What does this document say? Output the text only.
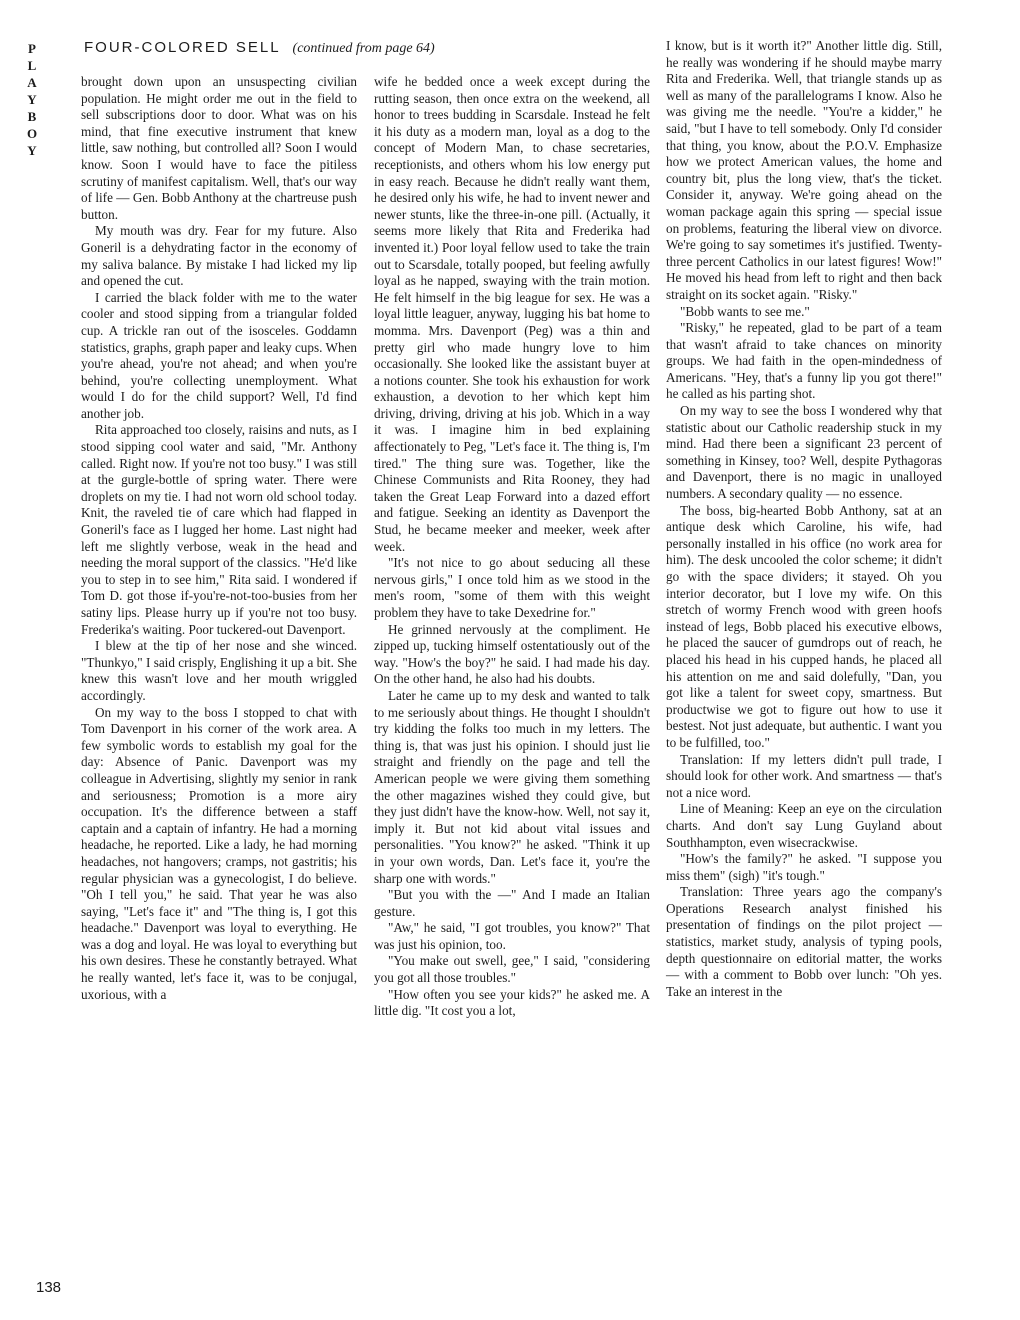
P
L
A
Y
B
O
Y
FOUR-COLORED SELL (continued from page 64)

brought down upon an unsuspecting civilian population. He might order me out in the field to sell subscriptions door to door. What was on his mind, that fine executive instrument that knew little, saw nothing, but controlled all? Soon I would know. Soon I would have to face the pitiless scrutiny of manifest capitalism. Well, that's our way of life — Gen. Bobb Anthony at the chartreuse push button.

My mouth was dry. Fear for my future. Also Goneril is a dehydrating factor in the economy of my saliva balance. By mistake I had licked my lip and opened the cut.

I carried the black folder with me to the water cooler and stood sipping from a triangular folded cup. A trickle ran out of the isosceles. Goddamn statistics, graphs, graph paper and leaky cups. When you're ahead, you're not ahead; and when you're behind, you're collecting unemployment. What would I do for the child support? Well, I'd find another job.

Rita approached too closely, raisins and nuts, as I stood sipping cool water and said, "Mr. Anthony called. Right now. If you're not too busy." I was still at the gurgle-bottle of spring water. There were droplets on my tie. I had not worn old school today. Knit, the raveled tie of care which had flapped in Goneril's face as I lugged her home. Last night had left me slightly verbose, weak in the head and needing the moral support of the classics. "He'd like you to step in to see him," Rita said. I wondered if Tom D. got those if-you're-not-too-busies from her satiny lips. Please hurry up if you're not too busy. Frederika's waiting. Poor tuckered-out Davenport.

I blew at the tip of her nose and she winced. "Thunkyo," I said crisply, Englishing it up a bit. She knew this wasn't love and her mouth wriggled accordingly.

On my way to the boss I stopped to chat with Tom Davenport in his corner of the work area. A few symbolic words to establish my goal for the day: Absence of Panic. Davenport was my colleague in Advertising, slightly my senior in rank and seriousness; Promotion is a more airy occupation. It's the difference between a staff captain and a captain of infantry. He had a morning headache, he reported. Like a lady, he had morning headaches, not hangovers; cramps, not gastritis; his regular physician was a gynecologist, I do believe. "Oh I tell you," he said. That year he was also saying, "Let's face it" and "The thing is, I got this headache." Davenport was loyal to everything. He was a dog and loyal. He was loyal to everything but his own desires. These he constantly betrayed. What he really wanted, let's face it, was to be conjugal, uxorious, with a

wife he bedded once a week except during the rutting season, then once extra on the weekend, all honor to trees budding in Scarsdale. Instead he felt it his duty as a modern man, loyal as a dog to the concept of Modern Man, to chase secretaries, receptionists, and others whom his low energy put in easy reach. Because he didn't really want them, he desired only his wife, he had to invent newer and newer stunts, like the three-in-one pill. (Actually, it seems more likely that Rita and Frederika had invented it.) Poor loyal fellow used to take the train out to Scarsdale, totally pooped, but feeling awfully loyal as he napped, swaying with the train motion. He felt himself in the big league for sex. He was a loyal little leaguer, anyway, lugging his bat home to momma. Mrs. Davenport (Peg) was a thin and pretty girl who made hungry love to him occasionally. She looked like the assistant buyer at a notions counter. She took his exhaustion for work exhaustion, a devotion to her which kept him driving, driving, driving at his job. Which in a way it was. I imagine him in bed explaining affectionately to Peg, "Let's face it. The thing is, I'm tired." The thing sure was. Together, like the Chinese Communists and Rita Rooney, they had taken the Great Leap Forward into a dazed effort and fatigue. Seeking an identity as Davenport the Stud, he became meeker and meeker, week after week.

"It's not nice to go about seducing all these nervous girls," I once told him as we stood in the men's room, "some of them with this weight problem they have to take Dexedrine for."

He grinned nervously at the compliment. He zipped up, tucking himself ostentatiously out of the way. "How's the boy?" he said. I had made his day. On the other hand, he also had his doubts.

Later he came up to my desk and wanted to talk to me seriously about things. He thought I shouldn't try kidding the folks too much in my letters. The thing is, that was just his opinion. I should just lie straight and friendly on the page and tell the American people we were giving them something the other magazines wished they could give, but they just didn't have the know-how. Well, not say it, imply it. But not kid about vital issues and personalities. "You know?" he asked. "Think it up in your own words, Dan. Let's face it, you're the sharp one with words."

"But you with the —" And I made an Italian gesture.

"Aw," he said, "I got troubles, you know?" That was just his opinion, too.

"You make out swell, gee," I said, "considering you got all those troubles."

"How often you see your kids?" he asked me. A little dig. "It cost you a lot,

I know, but is it worth it?" Another little dig. Still, he really was wondering if he should maybe marry Rita and Frederika. Well, that triangle stands up as well as many of the parallelograms I know. Also he was giving me the needle. "You're a kidder," he said, "but I have to tell somebody. Only I'd consider that thing, you know, about the P.O.V. Emphasize how we protect American values, the home and country bit, plus the long view, that's the ticket. Consider it, anyway. We're going ahead on the woman package again this spring — special issue on problems, featuring the liberal view on divorce. We're going to say sometimes it's justified. Twenty-three percent Catholics in our latest figures! Wow!" He moved his head from left to right and then back straight on its socket again. "Risky."

"Bobb wants to see me."

"Risky," he repeated, glad to be part of a team that wasn't afraid to take chances on minority groups. We had faith in the open-mindedness of Americans. "Hey, that's a funny lip you got there!" he called as his parting shot.

On my way to see the boss I wondered why that statistic about our Catholic readership stuck in my mind. Had there been a significant 23 percent of something in Kinsey, too? Well, despite Pythagoras and Davenport, there is no magic in unalloyed numbers. A secondary quality — no essence.

The boss, big-hearted Bobb Anthony, sat at an antique desk which Caroline, his wife, had personally installed in his office (no work area for him). The desk uncooled the color scheme; it didn't go with the space dividers; it stayed. Oh you interior decorator, but I love my wife. On this stretch of wormy French wood with green hoofs instead of legs, Bobb placed his executive elbows, he placed the saucer of gumdrops out of reach, he placed his head in his cupped hands, he placed all his attention on me and said dolefully, "Dan, you got like a talent for sweet copy, smartness. But productwise we got to figure out how to use it bestest. Not just adequate, but authentic. I want you to be fulfilled, too."

Translation: If my letters didn't pull trade, I should look for other work. And smartness — that's not a nice word.

Line of Meaning: Keep an eye on the circulation charts. And don't say Lung Guyland about Southhampton, even wisecrackwise.

"How's the family?" he asked. "I suppose you miss them" (sigh) "it's tough."

Translation: Three years ago the company's Operations Research analyst finished his presentation of findings on the pilot project — statistics, market study, analysis of typing pools, depth questionnaire on editorial matter, the works — with a comment to Bobb over lunch: "Oh yes. Take an interest in the

138
